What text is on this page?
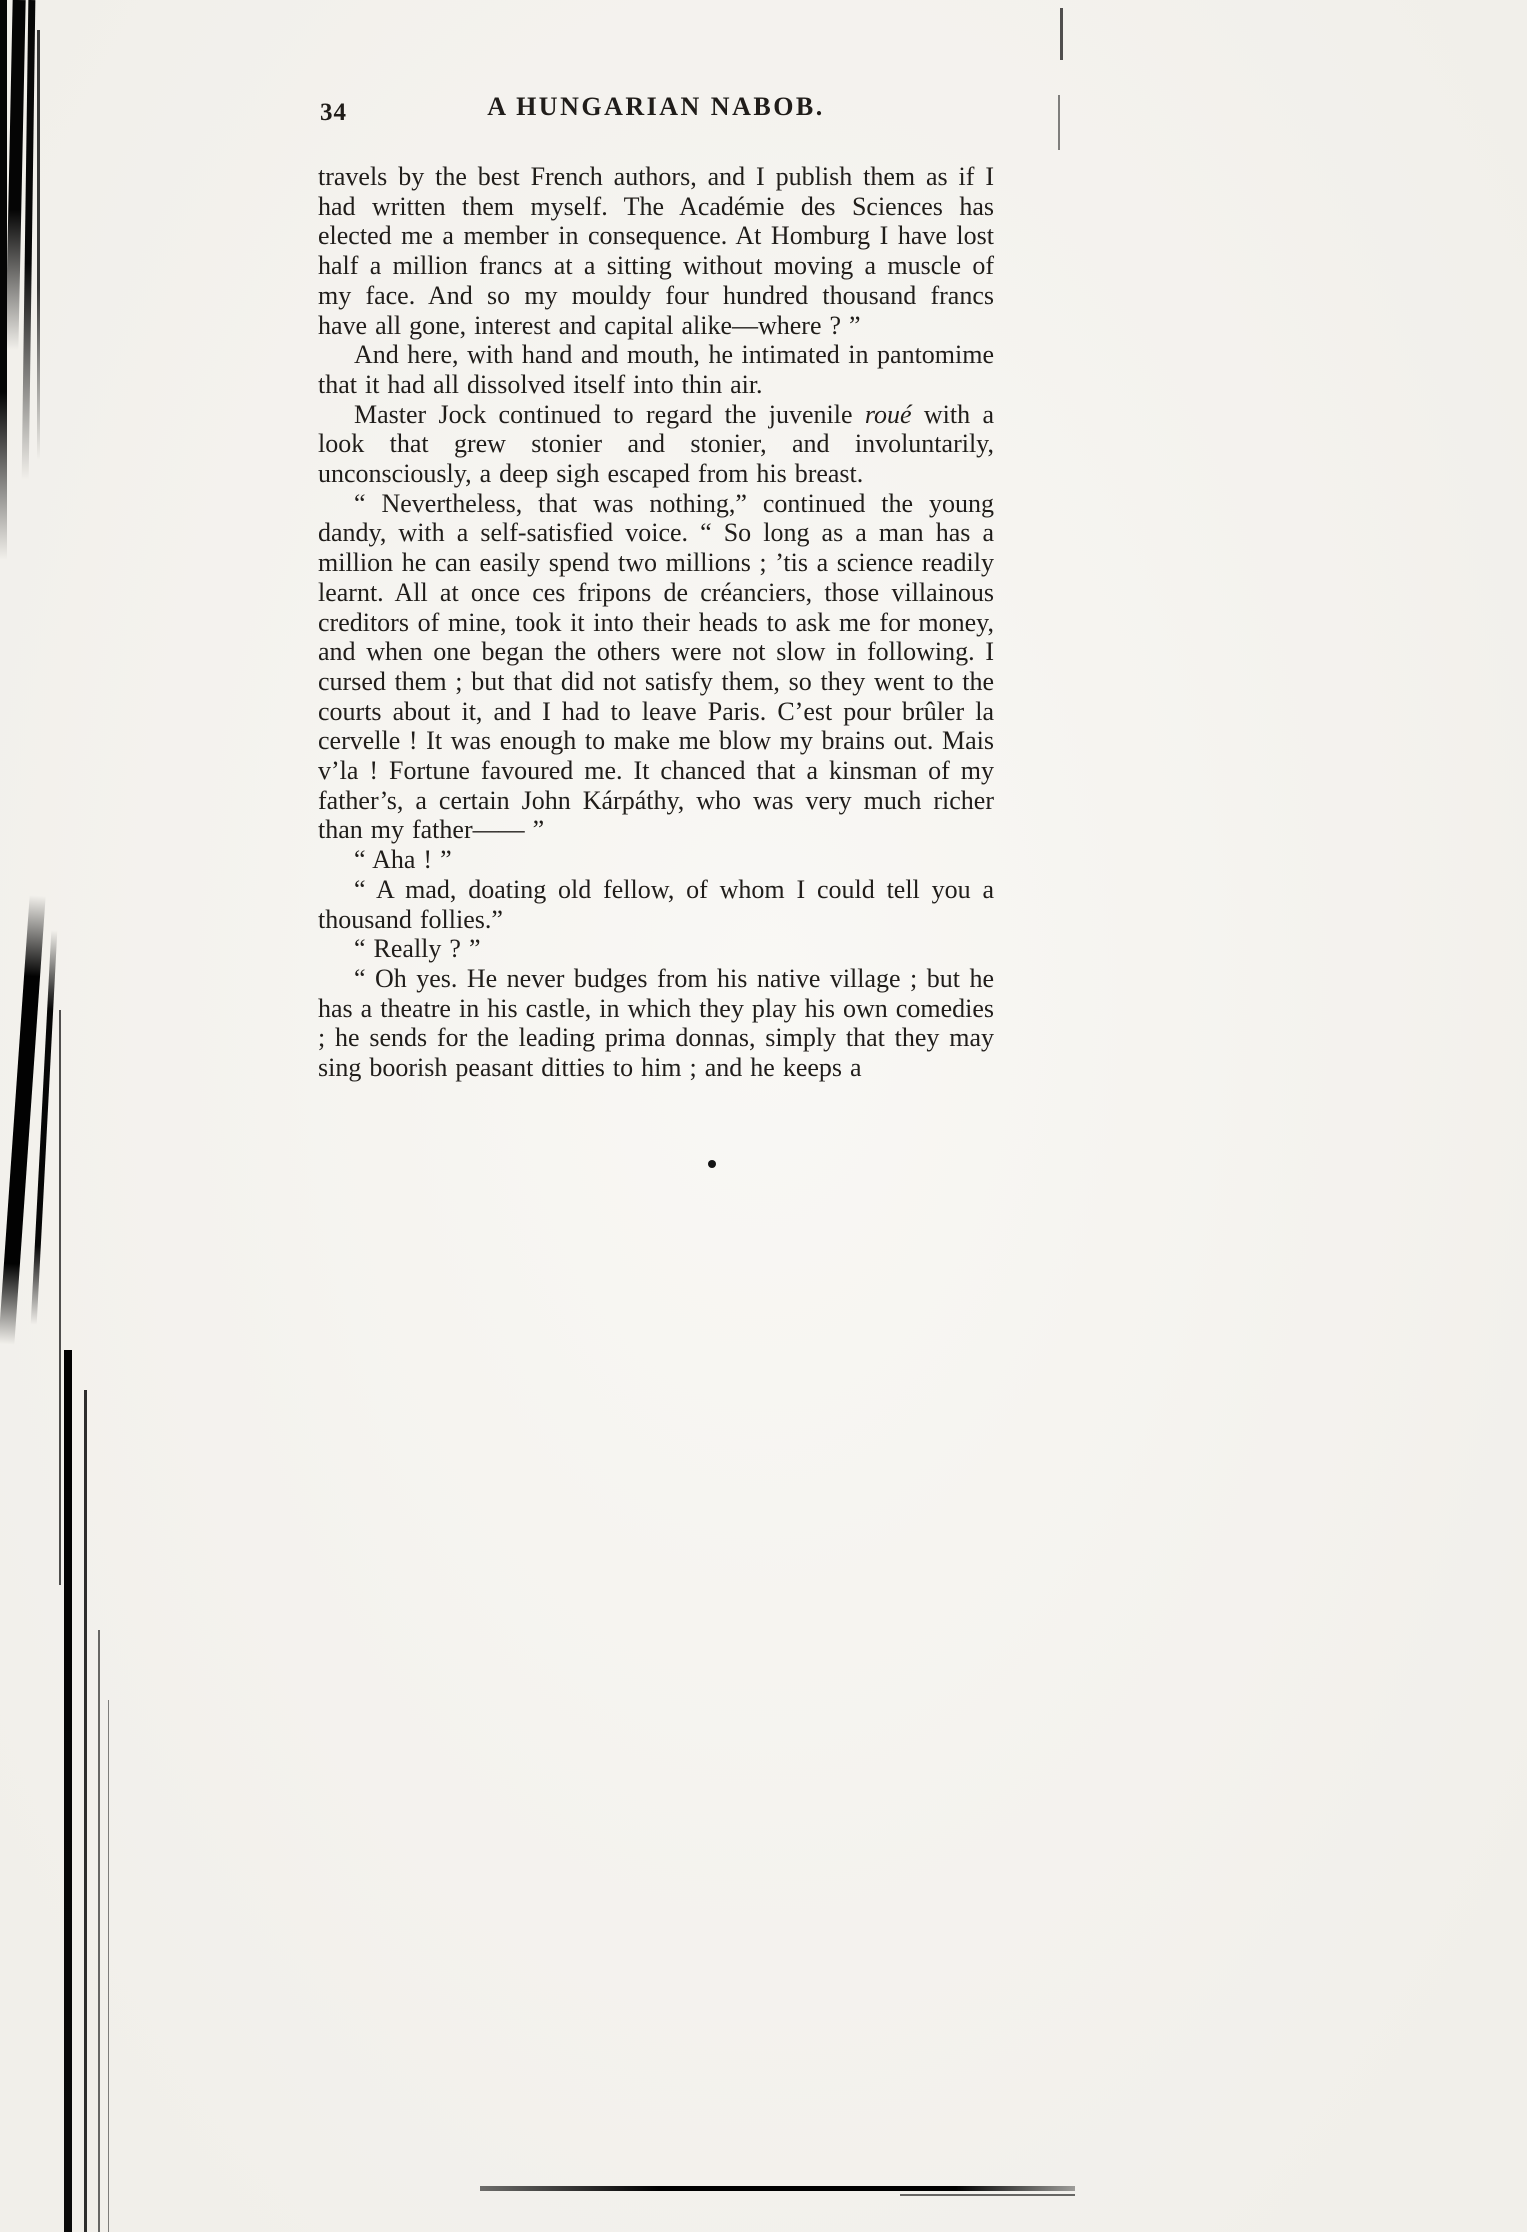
34	A HUNGARIAN NABOB.

travels by the best French authors, and I publish them as if I had written them myself. The Académie des Sciences has elected me a member in consequence. At Homburg I have lost half a million francs at a sitting without moving a muscle of my face. And so my mouldy four hundred thousand francs have all gone, interest and capital alike—where ? ”

And here, with hand and mouth, he intimated in pantomime that it had all dissolved itself into thin air.

Master Jock continued to regard the juvenile roué with a look that grew stonier and stonier, and involuntarily, unconsciously, a deep sigh escaped from his breast.

“ Nevertheless, that was nothing,” continued the young dandy, with a self-satisfied voice. “ So long as a man has a million he can easily spend two millions ; ’tis a science readily learnt. All at once ces fripons de créanciers, those villainous creditors of mine, took it into their heads to ask me for money, and when one began the others were not slow in following. I cursed them ; but that did not satisfy them, so they went to the courts about it, and I had to leave Paris. C’est pour brûler la cervelle ! It was enough to make me blow my brains out. Mais v’la ! Fortune favoured me. It chanced that a kinsman of my father’s, a certain John Kárpáthy, who was very much richer than my father—— ”

“ Aha ! ”

“ A mad, doating old fellow, of whom I could tell you a thousand follies.”

“ Really ? ”

“ Oh yes. He never budges from his native village ; but he has a theatre in his castle, in which they play his own comedies ; he sends for the leading prima donnas, simply that they may sing boorish peasant ditties to him ; and he keeps a
